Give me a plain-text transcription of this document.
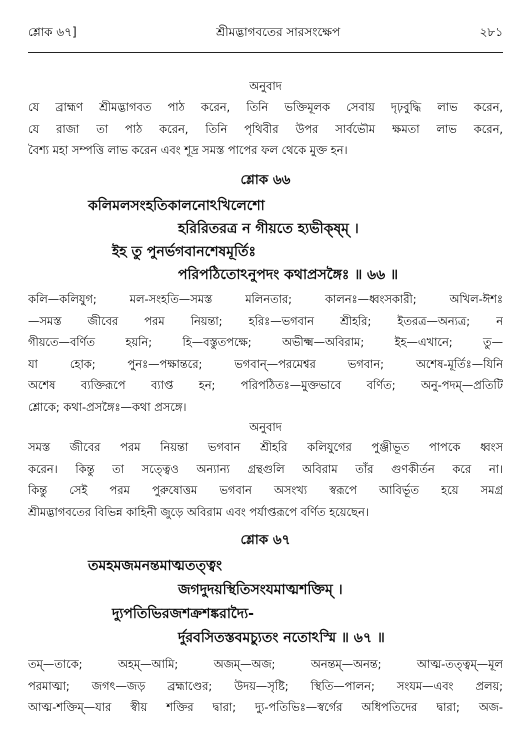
শ্লোক ৬৭]	শ্রীমদ্ভাগবতের সারসংক্ষেপ	২৮১
অনুবাদ
যে ব্রাহ্মণ শ্রীমদ্ভাগবত পাঠ করেন, তিনি ভক্তিমূলক সেবায় দৃঢ়বুদ্ধি লাভ করেন,
যে রাজা তা পাঠ করেন, তিনি পৃথিবীর উপর সার্বভৌম ক্ষমতা লাভ করেন,
বৈশ্য মহা সম্পত্তি লাভ করেন এবং শূদ্র সমস্ত পাপের ফল থেকে মুক্ত হন।
শ্লোক ৬৬
কলিমলসংহতিকালনোঽখিলেশো
হরিরিতরত্র ন গীয়তে হ্যভীক্ষ্ম্ ।
ইহ তু পুনর্ভগবানশেষমূর্তিঃ
পরিপঠিতোঽনুপদং কথাপ্রসঙ্গৈঃ ॥ ৬৬ ॥
কলি—কলিযুগ; মল-সংহতি—সমস্ত মলিনতার; কালনঃ—ধ্বংসকারী; অখিল-ঈশঃ
—সমস্ত জীবের পরম নিয়ন্তা; হরিঃ—ভগবান শ্রীহরি; ইতরত্র—অন্যত্র; ন
গীয়তে—বর্ণিত হয়নি; হি—বস্তুতপক্ষে; অভীক্ষ্ম—অবিরাম; ইহ—এখানে; তু—
যা হোক; পুনঃ—পক্ষান্তরে; ভগবান্—পরমেশ্বর ভগবান; অশেষ-মূর্তিঃ—যিনি
অশেষ ব্যক্তিরূপে ব্যাপ্ত হন; পরিপঠিতঃ—মুক্তভাবে বর্ণিত; অনু-পদম্—প্রতিটি
শ্লোকে; কথা-প্রসঙ্গৈঃ—কথা প্রসঙ্গে।
অনুবাদ
সমস্ত জীবের পরম নিয়ন্তা ভগবান শ্রীহরি কলিযুগের পুঞ্জীভূত পাপকে ধ্বংস
করেন। কিন্তু তা সত্ত্বেও অন্যান্য গ্রন্থগুলি অবিরাম তাঁর গুণকীর্তন করে না।
কিন্তু সেই পরম পুরুষোত্তম ভগবান অসংখ্য স্বরূপে আবির্ভূত হয়ে সমগ্র
শ্রীমদ্ভাগবতের বিভিন্ন কাহিনী জুড়ে অবিরাম এবং পর্যাপ্তরূপে বর্ণিত হয়েছেন।
শ্লোক ৬৭
তমহমজমনন্তমাত্মতত্ত্বং
জগদুদয়স্থিতিসংযমাত্মশক্তিম্ ।
দ্যুপতিভিরজশক্রশঙ্করাদ্যৈ-
র্দুরবসিতস্তবমচ্যুতং নতোঽস্মি ॥ ৬৭ ॥
তম্—তাকে; অহম্—আমি; অজম্—অজ; অনন্তম্—অনন্ত; আত্ম-তত্ত্বম্—মূল
পরমাত্মা; জগৎ—জড় ব্রহ্মাণ্ডের; উদয়—সৃষ্টি; স্থিতি—পালন; সংযম—এবং প্রলয়;
আত্ম-শক্তিম্—যার স্বীয় শক্তির দ্বারা; দ্যু-পতিভিঃ—স্বর্গের অধিপতিদের দ্বারা; অজ-
